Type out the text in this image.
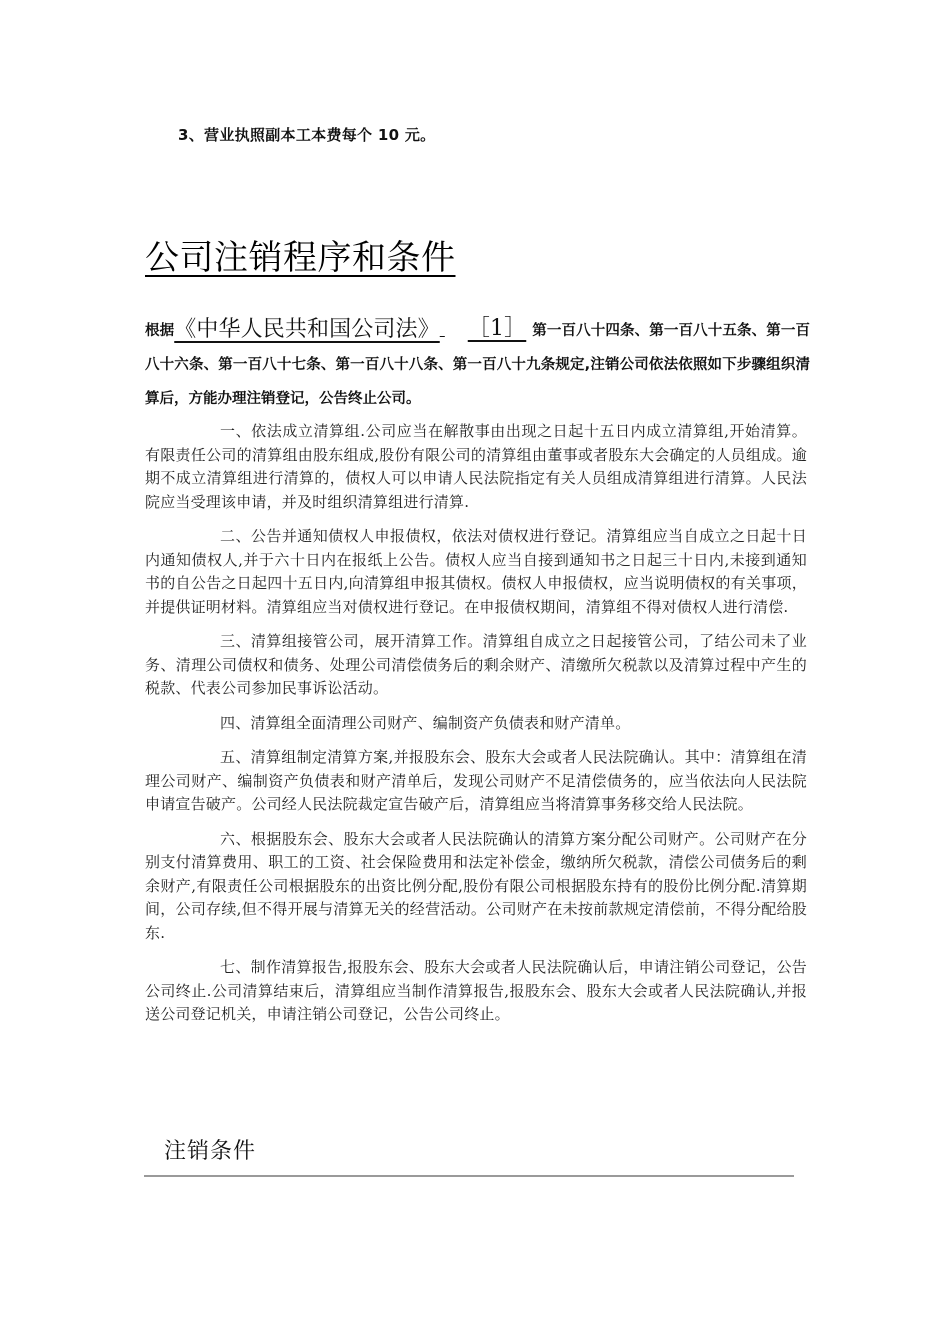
3、营业执照副本工本费每个 10 元。
公司注销程序和条件

根据《中华人民共和国公司法》 ［1］ 第一百八十四条、第一百八十五条、第一百八十六条、第一百八十七条、第一百八十八条、第一百八十九条规定,注销公司依法依照如下步骤组织清算后，方能办理注销登记，公告终止公司。

一、依法成立清算组.公司应当在解散事由出现之日起十五日内成立清算组,开始清算。有限责任公司的清算组由股东组成,股份有限公司的清算组由董事或者股东大会确定的人员组成。逾期不成立清算组进行清算的，债权人可以申请人民法院指定有关人员组成清算组进行清算。人民法院应当受理该申请，并及时组织清算组进行清算.

二、公告并通知债权人申报债权，依法对债权进行登记。清算组应当自成立之日起十日内通知债权人,并于六十日内在报纸上公告。债权人应当自接到通知书之日起三十日内,未接到通知书的自公告之日起四十五日内,向清算组申报其债权。债权人申报债权，应当说明债权的有关事项，并提供证明材料。清算组应当对债权进行登记。在申报债权期间，清算组不得对债权人进行清偿.

三、清算组接管公司，展开清算工作。清算组自成立之日起接管公司，了结公司未了业务、清理公司债权和债务、处理公司清偿债务后的剩余财产、清缴所欠税款以及清算过程中产生的税款、代表公司参加民事诉讼活动。

四、清算组全面清理公司财产、编制资产负债表和财产清单。

五、清算组制定清算方案,并报股东会、股东大会或者人民法院确认。其中：清算组在清理公司财产、编制资产负债表和财产清单后，发现公司财产不足清偿债务的，应当依法向人民法院申请宣告破产。公司经人民法院裁定宣告破产后，清算组应当将清算事务移交给人民法院。

六、根据股东会、股东大会或者人民法院确认的清算方案分配公司财产。公司财产在分别支付清算费用、职工的工资、社会保险费用和法定补偿金，缴纳所欠税款，清偿公司债务后的剩余财产,有限责任公司根据股东的出资比例分配,股份有限公司根据股东持有的股份比例分配.清算期间，公司存续,但不得开展与清算无关的经营活动。公司财产在未按前款规定清偿前，不得分配给股东.

七、制作清算报告,报股东会、股东大会或者人民法院确认后，申请注销公司登记，公告公司终止.公司清算结束后，清算组应当制作清算报告,报股东会、股东大会或者人民法院确认,并报送公司登记机关，申请注销公司登记，公告公司终止。

注销条件
